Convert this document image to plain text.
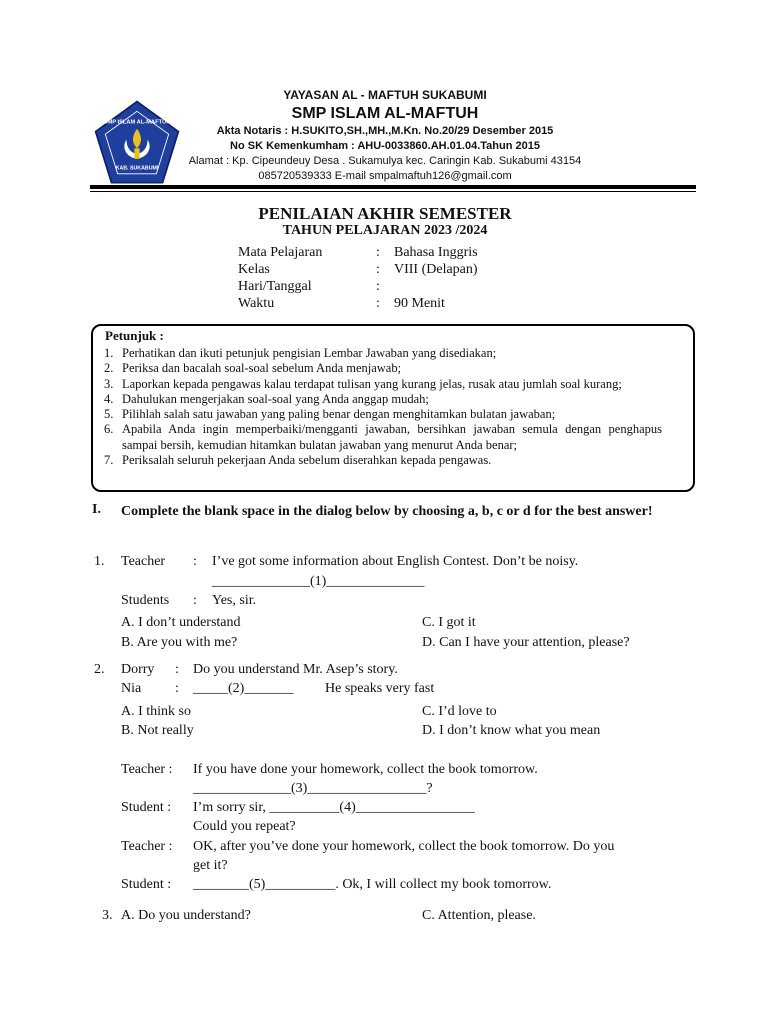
SMP ISLAM AL-MAFTUH
KAB. SUKABUMI
YAYASAN AL - MAFTUH SUKABUMI
SMP ISLAM AL-MAFTUH
Akta Notaris : H.SUKITO,SH.,MH.,M.Kn. No.20/29 Desember 2015
No SK Kemenkumham : AHU-0033860.AH.01.04.Tahun 2015
Alamat : Kp. Cipeundeuy Desa . Sukamulya kec. Caringin Kab. Sukabumi 43154
085720539333 E-mail smpalmaftuh126@gmail.com
PENILAIAN AKHIR SEMESTER
TAHUN PELAJARAN 2023 /2024
Mata Pelajaran	: Bahasa Inggris
Kelas	: VIII (Delapan)
Hari/Tanggal	:
Waktu	: 90 Menit
Petunjuk :
1. Perhatikan dan ikuti petunjuk pengisian Lembar Jawaban yang disediakan;
2. Periksa dan bacalah soal-soal sebelum Anda menjawab;
3. Laporkan kepada pengawas kalau terdapat tulisan yang kurang jelas, rusak atau jumlah soal kurang;
4. Dahulukan mengerjakan soal-soal yang Anda anggap mudah;
5. Pilihlah salah satu jawaban yang paling benar dengan menghitamkan bulatan jawaban;
6. Apabila Anda ingin memperbaiki/mengganti jawaban, bersihkan jawaban semula dengan penghapus sampai bersih, kemudian hitamkan bulatan jawaban yang menurut Anda benar;
7. Periksalah seluruh pekerjaan Anda sebelum diserahkan kepada pengawas.
I. Complete the blank space in the dialog below by choosing a, b, c or d for the best answer!
1. Teacher : I’ve got some information about English Contest. Don’t be noisy.
______________(1)______________
Students : Yes, sir.
A. I don’t understand
B. Are you with me?
C. I got it
D. Can I have your attention, please?
2. Dorry : Do you understand Mr. Asep’s story.
Nia : _____(2)_______ He speaks very fast
A. I think so
B. Not really
C. I’d love to
D. I don’t know what you mean
Teacher : If you have done your homework, collect the book tomorrow.
______________(3)_________________?
Student : I’m sorry sir, __________(4)_________________
Could you repeat?
Teacher : OK, after you’ve done your homework, collect the book tomorrow. Do you
get it?
Student : ________(5)__________. Ok, I will collect my book tomorrow.
3. A. Do you understand?	C. Attention, please.
